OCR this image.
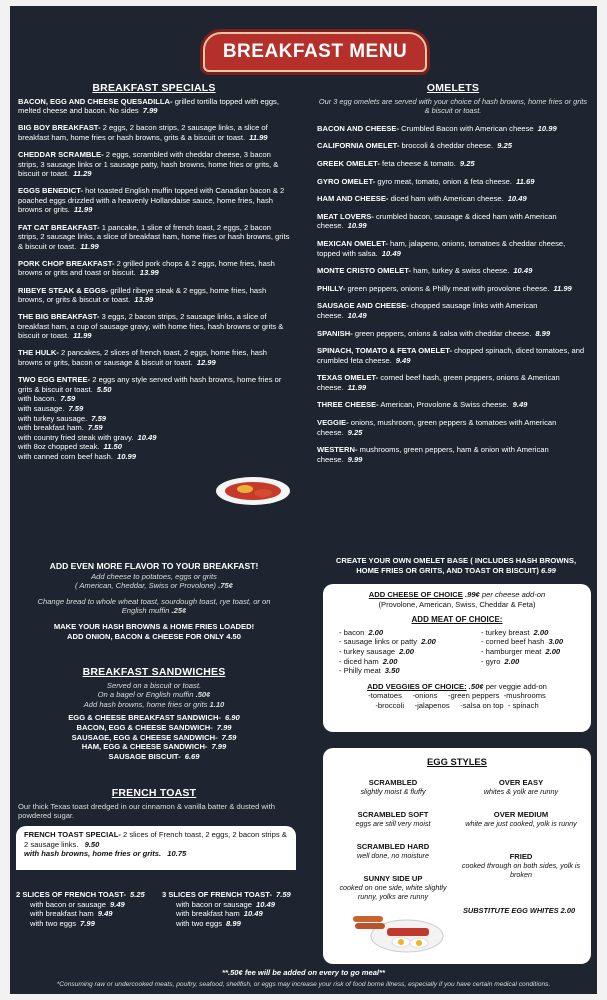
BREAKFAST MENU
BREAKFAST SPECIALS
BACON, EGG AND CHEESE QUESADILLA- grilled tortilla topped with eggs, melted cheese and bacon. No sides 7.99
BIG BOY BREAKFAST- 2 eggs, 2 bacon strips, 2 sausage links, a slice of breakfast ham, home fries or hash browns, grits & a biscuit or toast. 11.99
CHEDDAR SCRAMBLE- 2 eggs, scrambled with cheddar cheese, 3 bacon strips, 3 sausage links or 1 sausage patty, hash browns, home fries or grits, & biscuit or toast. 11.29
EGGS BENEDICT- hot toasted English muffin topped with Canadian bacon & 2 poached eggs drizzled with a heavenly Hollandaise sauce, home fries, hash browns or grits. 11.99
FAT CAT BREAKFAST- 1 pancake, 1 slice of french toast, 2 eggs, 2 bacon strips, 2 sausage links, a slice of breakfast ham, home fries or hash browns, grits & biscuit or toast. 11.99
PORK CHOP BREAKFAST- 2 grilled pork chops & 2 eggs, home fries, hash browns or grits and toast or biscuit. 13.99
RIBEYE STEAK & EGGS- grilled ribeye steak & 2 eggs, home fries, hash browns, or grits & biscuit or toast. 13.99
THE BIG BREAKFAST- 3 eggs, 2 bacon strips, 2 sausage links, a slice of breakfast ham, a cup of sausage gravy, with home fries, hash browns or grits & biscuit or toast. 11.99
THE HULK- 2 pancakes, 2 slices of french toast, 2 eggs, home fries, hash browns or grits, bacon or sausage & biscuit or toast. 12.99
TWO EGG ENTREE- 2 eggs any style served with hash browns, home fries or grits & biscuit or toast. 5.50
with bacon. 7.59
with sausage. 7.59
with turkey sausage. 7.59
with breakfast ham. 7.59
with country fried steak with gravy. 10.49
with 8oz chopped steak. 11.50
with canned corn beef hash. 10.99
OMELETS
Our 3 egg omelets are served with your choice of hash browns, home fries or grits & biscuit or toast.
BACON AND CHEESE- Crumbled Bacon with American cheese 10.99
CALIFORNIA OMELET- broccoli & cheddar cheese. 9.25
GREEK OMELET- feta cheese & tomato. 9.25
GYRO OMELET- gyro meat, tomato, onion & feta cheese. 11.69
HAM AND CHEESE- diced ham with American cheese. 10.49
MEAT LOVERS- crumbled bacon, sausage & diced ham with American cheese. 10.99
MEXICAN OMELET- ham, jalapeno, onions, tomatoes & cheddar cheese, topped with salsa. 10.49
MONTE CRISTO OMELET- ham, turkey & swiss cheese. 10.49
PHILLY- green peppers, onions & Philly meat with provolone cheese. 11.99
SAUSAGE AND CHEESE- chopped sausage links with American cheese. 10.49
SPANISH- green peppers, onions & salsa with cheddar cheese. 8.99
SPINACH, TOMATO & FETA OMELET- chopped spinach, diced tomatoes, and crumbled feta cheese. 9.49
TEXAS OMELET- corned beef hash, green peppers, onions & American cheese. 11.99
THREE CHEESE- American, Provolone & Swiss cheese. 9.49
VEGGIE- onions, mushroom, green peppers & tomatoes with American cheese. 9.25
WESTERN- mushrooms, green peppers, ham & onion with American cheese. 9.99
ADD EVEN MORE FLAVOR TO YOUR BREAKFAST!
Add cheese to potatoes, eggs or grits
( American, Cheddar, Swiss or Provolone) .75¢
Change bread to whole wheat toast, sourdough toast, rye toast, or on English muffin .25¢
MAKE YOUR HASH BROWNS & HOME FRIES LOADED!
ADD ONION, BACON & CHEESE FOR ONLY 4.50
BREAKFAST SANDWICHES
Served on a biscuit or toast.
On a bagel or English muffin .50¢
Add hash browns, home fries or grits 1.10
EGG & CHEESE BREAKFAST SANDWICH- 6.90
BACON, EGG & CHEESE SANDWICH- 7.99
SAUSAGE, EGG & CHEESE SANDWICH- 7.59
HAM, EGG & CHEESE SANDWICH- 7.99
SAUSAGE BISCUIT- 6.69
FRENCH TOAST
Our thick Texas toast dredged in our cinnamon & vanilla batter & dusted with powdered sugar.
FRENCH TOAST SPECIAL- 2 slices of French toast, 2 eggs, 2 bacon strips & 2 sausage links. 9.50
with hash browns, home fries or grits. 10.75
2 SLICES OF FRENCH TOAST- 5.25
with bacon or sausage 9.49
with breakfast ham 9.49
with two eggs 7.99
3 SLICES OF FRENCH TOAST- 7.59
with bacon or sausage 10.49
with breakfast ham 10.49
with two eggs 8.99
CREATE YOUR OWN OMELET BASE ( INCLUDES HASH BROWNS, HOME FRIES OR GRITS, AND TOAST OR BISCUIT) 6.99
ADD CHEESE OF CHOICE .99¢ per cheese add-on
(Provolone, American, Swiss, Cheddar & Feta)
ADD MEAT OF CHOICE:
- bacon 2.00
- sausage links or patty 2.00
- turkey sausage 2.00
- diced ham 2.00
- Philly meat 3.50
- turkey breast 2.00
- corned beef hash 3.00
- hamburger meat 2.00
- gyro 2.00
ADD VEGGIES OF CHOICE: .50¢ per veggie add-on
-tomatoes     -onions     -green peppers  -mushrooms
-broccoli     -jalapenos     -salsa on top  - spinach
EGG STYLES
SUBSTITUTE EGG WHITES 2.00
SCRAMBLED
slightly moist & fluffy
SCRAMBLED SOFT
eggs are still very moist
SCRAMBLED HARD
well done, no moisture
SUNNY SIDE UP
cooked on one side, white slightly runny, yolks are runny
OVER EASY
whites & yolk are runny
OVER MEDIUM
white are just cooked, yolk is runny
FRIED
cooked through on both sides, yolk is broken
**.50¢ fee will be added on every to go meal**
*Consuming raw or undercooked meats, poultry, seafood, shellfish, or eggs may increase your risk of food borne illness, especially if you have certain medical conditions.
